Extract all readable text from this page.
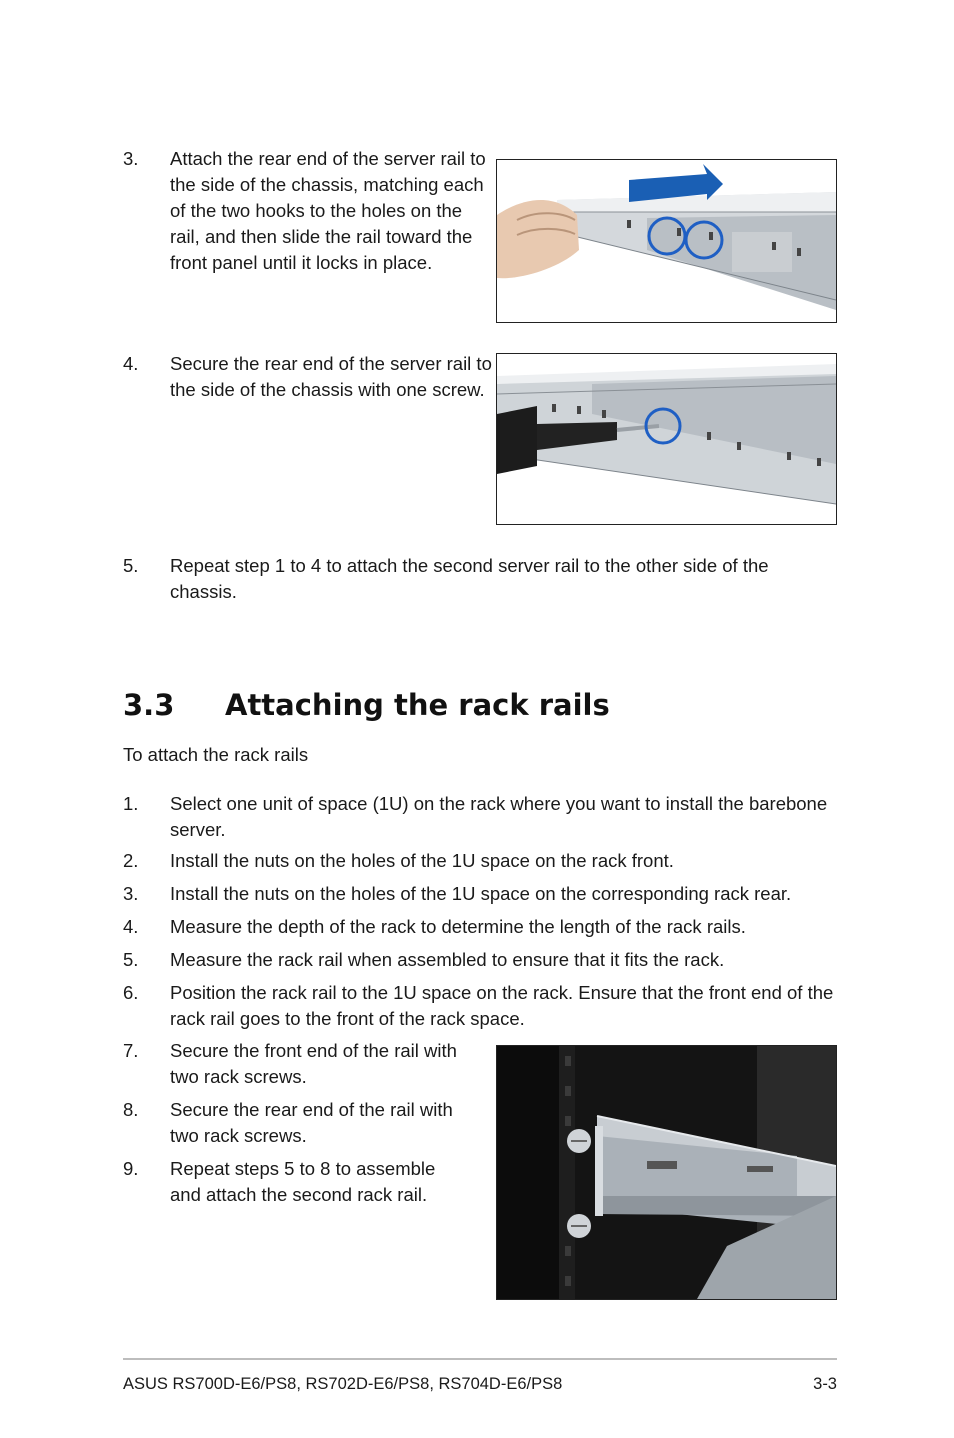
3.	Attach the rear end of the server rail to the side of the chassis, matching each of the two hooks to the holes on the rail, and then slide the rail toward the front panel until it locks in place.
4.	Secure the rear end of the server rail to the side of the chassis with one screw.
5.	Repeat step 1 to 4 to attach the second server rail to the other side of the chassis.
3.3 Attaching the rack rails
To attach the rack rails
1.	Select one unit of space (1U) on the rack where you want to install the barebone server.
2.	Install the nuts on the holes of the 1U space on the rack front.
3.	Install the nuts on the holes of the 1U space on the corresponding rack rear.
4.	Measure the depth of the rack to determine the length of the rack rails.
5.	Measure the rack rail when assembled to ensure that it fits the rack.
6.	Position the rack rail to the 1U space on the rack. Ensure that the front end of the rack rail goes to the front of the rack space.
7.	Secure the front end of the rail with two rack screws.
8.	Secure the rear end of the rail with two rack screws.
9.	Repeat steps 5 to 8 to assemble and attach the second rack rail.
ASUS RS700D-E6/PS8, RS702D-E6/PS8, RS704D-E6/PS8	3-3
